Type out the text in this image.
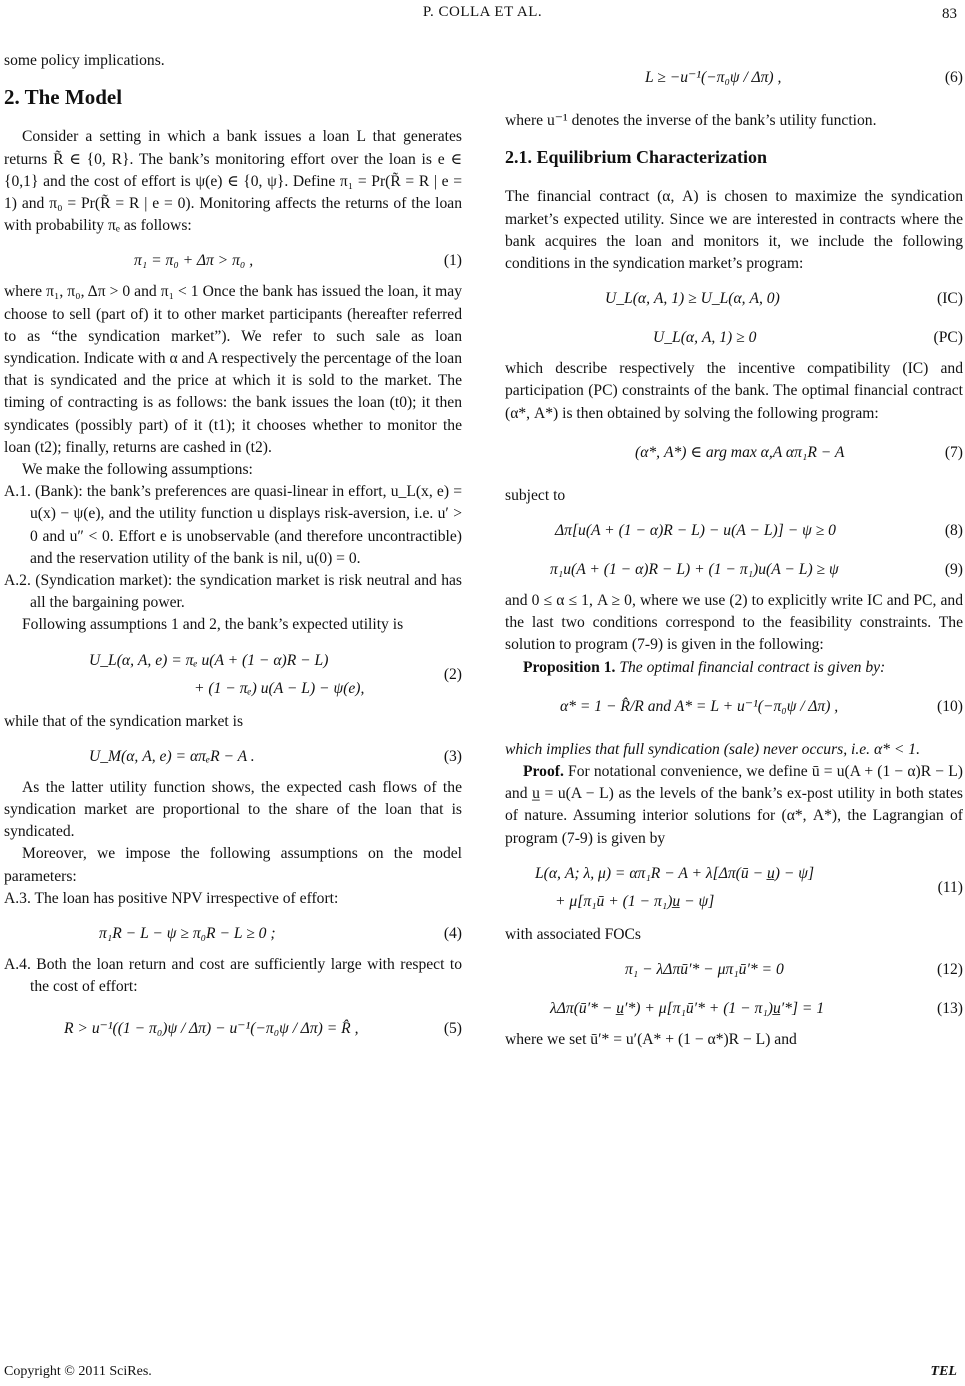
P. COLLA ET AL.	83

some policy implications.

2. The Model

Consider a setting in which a bank issues a loan L that generates returns R̃ ∈ {0, R}. The bank’s monitoring effort over the loan is e ∈ {0,1} and the cost of effort is ψ(e) ∈ {0, ψ}. Define π₁ = Pr(R̃ = R | e = 1) and π₀ = Pr(R̃ = R | e = 0). Monitoring affects the returns of the loan with probability πₑ as follows:

π₁ = π₀ + Δπ > π₀ ,	(1)

where π₁, π₀, Δπ > 0 and π₁ < 1 Once the bank has issued the loan, it may choose to sell (part of) it to other market participants (hereafter referred to as “the syndication market”). We refer to such sale as loan syndication. Indicate with α and A respectively the percentage of the loan that is syndicated and the price at which it is sold to the market. The timing of contracting is as follows: the bank issues the loan (t0); it then syndicates (possibly part) of it (t1); it chooses whether to monitor the loan (t2); finally, returns are cashed in (t2).

We make the following assumptions:

A.1. (Bank): the bank’s preferences are quasi-linear in effort, u_L(x, e) = u(x) − ψ(e), and the utility function u displays risk-aversion, i.e. u′ > 0 and u″ < 0. Effort e is unobservable (and therefore uncontractible) and the reservation utility of the bank is nil, u(0) = 0.

A.2. (Syndication market): the syndication market is risk neutral and has all the bargaining power.

Following assumptions 1 and 2, the bank’s expected utility is

U_L(α, A, e) = πₑ u(A + (1 − α)R − L)
+ (1 − πₑ) u(A − L) − ψ(e),
(2)

while that of the syndication market is

U_M(α, A, e) = απₑR − A .	(3)

As the latter utility function shows, the expected cash flows of the syndication market are proportional to the share of the loan that is syndicated.

Moreover, we impose the following assumptions on the model parameters:

A.3. The loan has positive NPV irrespective of effort:

π₁R − L − ψ ≥ π₀R − L ≥ 0 ;	(4)

A.4. Both the loan return and cost are sufficiently large with respect to the cost of effort:

R > u⁻¹((1 − π₀)ψ / Δπ) − u⁻¹(−π₀ψ / Δπ) = R̂ ,	(5)
L ≥ −u⁻¹(−π₀ψ / Δπ) ,	(6)

where u⁻¹ denotes the inverse of the bank’s utility function.

2.1. Equilibrium Characterization

The financial contract (α, A) is chosen to maximize the syndication market’s expected utility. Since we are interested in contracts where the bank acquires the loan and monitors it, we include the following conditions in the syndication market’s program:

U_L(α, A, 1) ≥ U_L(α, A, 0)	(IC)
U_L(α, A, 1) ≥ 0	(PC)

which describe respectively the incentive compatibility (IC) and participation (PC) constraints of the bank. The optimal financial contract (α*, A*) is then obtained by solving the following program:

(α*, A*) ∈ arg max α,A απ₁R − A	(7)

subject to

Δπ[u(A + (1 − α)R − L) − u(A − L)] − ψ ≥ 0	(8)
π₁u(A + (1 − α)R − L) + (1 − π₁)u(A − L) ≥ ψ	(9)

and 0 ≤ α ≤ 1, A ≥ 0, where we use (2) to explicitly write IC and PC, and the last two conditions correspond to the feasibility constraints. The solution to program (7-9) is given in the following:

Proposition 1. The optimal financial contract is given by:

α* = 1 − R̂/R and A* = L + u⁻¹(−π₀ψ / Δπ) ,	(10)

which implies that full syndication (sale) never occurs, i.e. α* < 1.

Proof. For notational convenience, we define ū = u(A + (1 − α)R − L) and u̲ = u(A − L) as the levels of the bank’s ex-post utility in both states of nature. Assuming interior solutions for (α*, A*), the Lagrangian of program (7-9) is given by

L(α, A; λ, μ) = απ₁R − A + λ[Δπ(ū − u̲) − ψ]
+ μ[π₁ū + (1 − π₁)u̲ − ψ]
(11)

with associated FOCs

π₁ − λΔπū′* − μπ₁ū′* = 0	(12)
λΔπ(ū′* − u̲′*) + μ[π₁ū′* + (1 − π₁)u̲′*] = 1	(13)

where we set ū′* = u′(A* + (1 − α*)R − L) and

Copyright © 2011 SciRes.	TEL
